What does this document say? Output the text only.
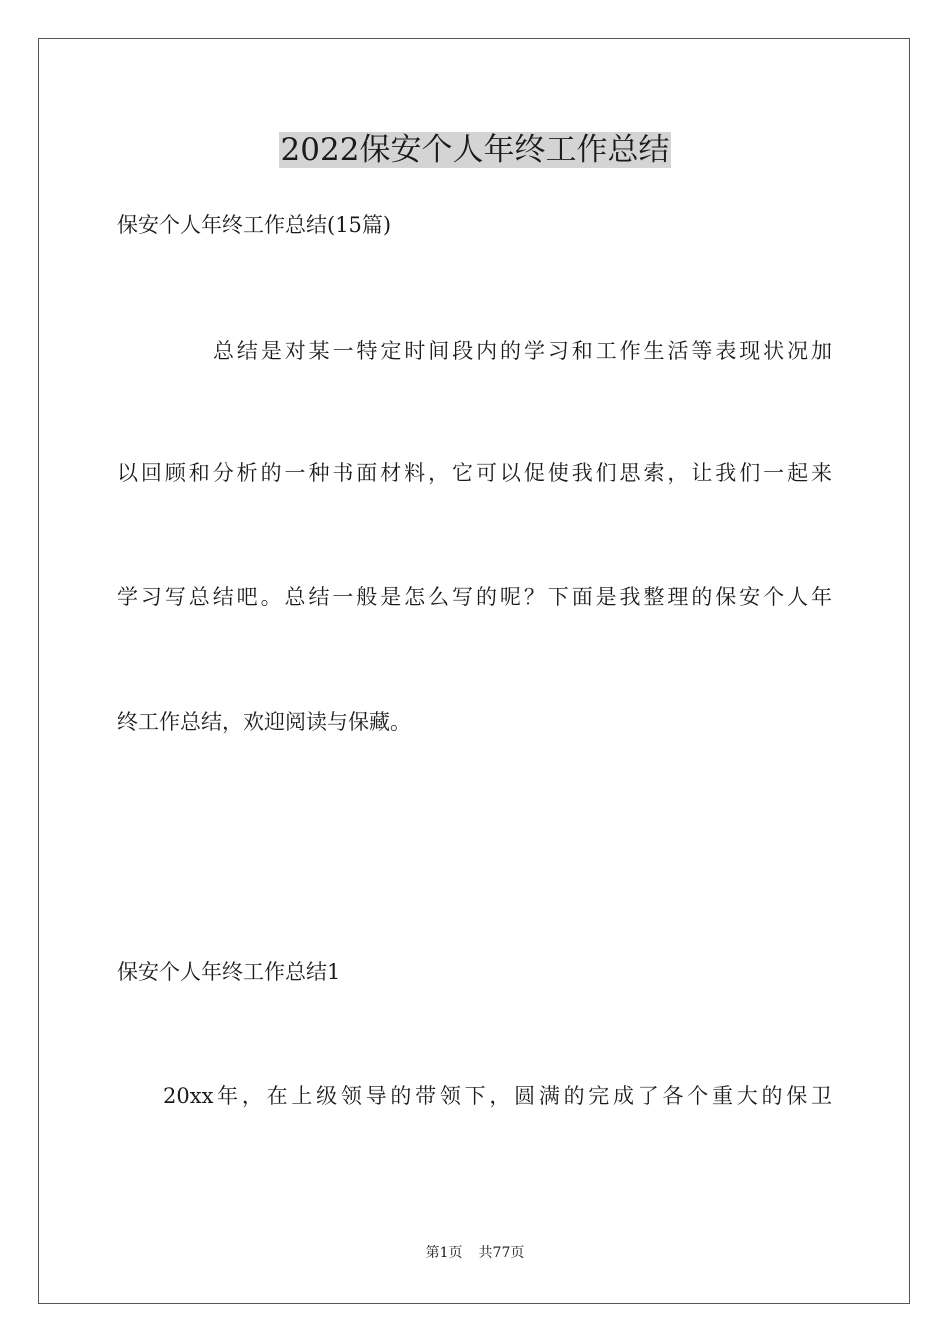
2022保安个人年终工作总结

保安个人年终工作总结(15篇)

总结是对某一特定时间段内的学习和工作生活等表现状况加

以回顾和分析的一种书面材料，它可以促使我们思索，让我们一起来

学习写总结吧。总结一般是怎么写的呢？下面是我整理的保安个人年

终工作总结，欢迎阅读与保藏。

保安个人年终工作总结1

20xx年，在上级领导的带领下，圆满的完成了各个重大的保卫

第1页 共77页
